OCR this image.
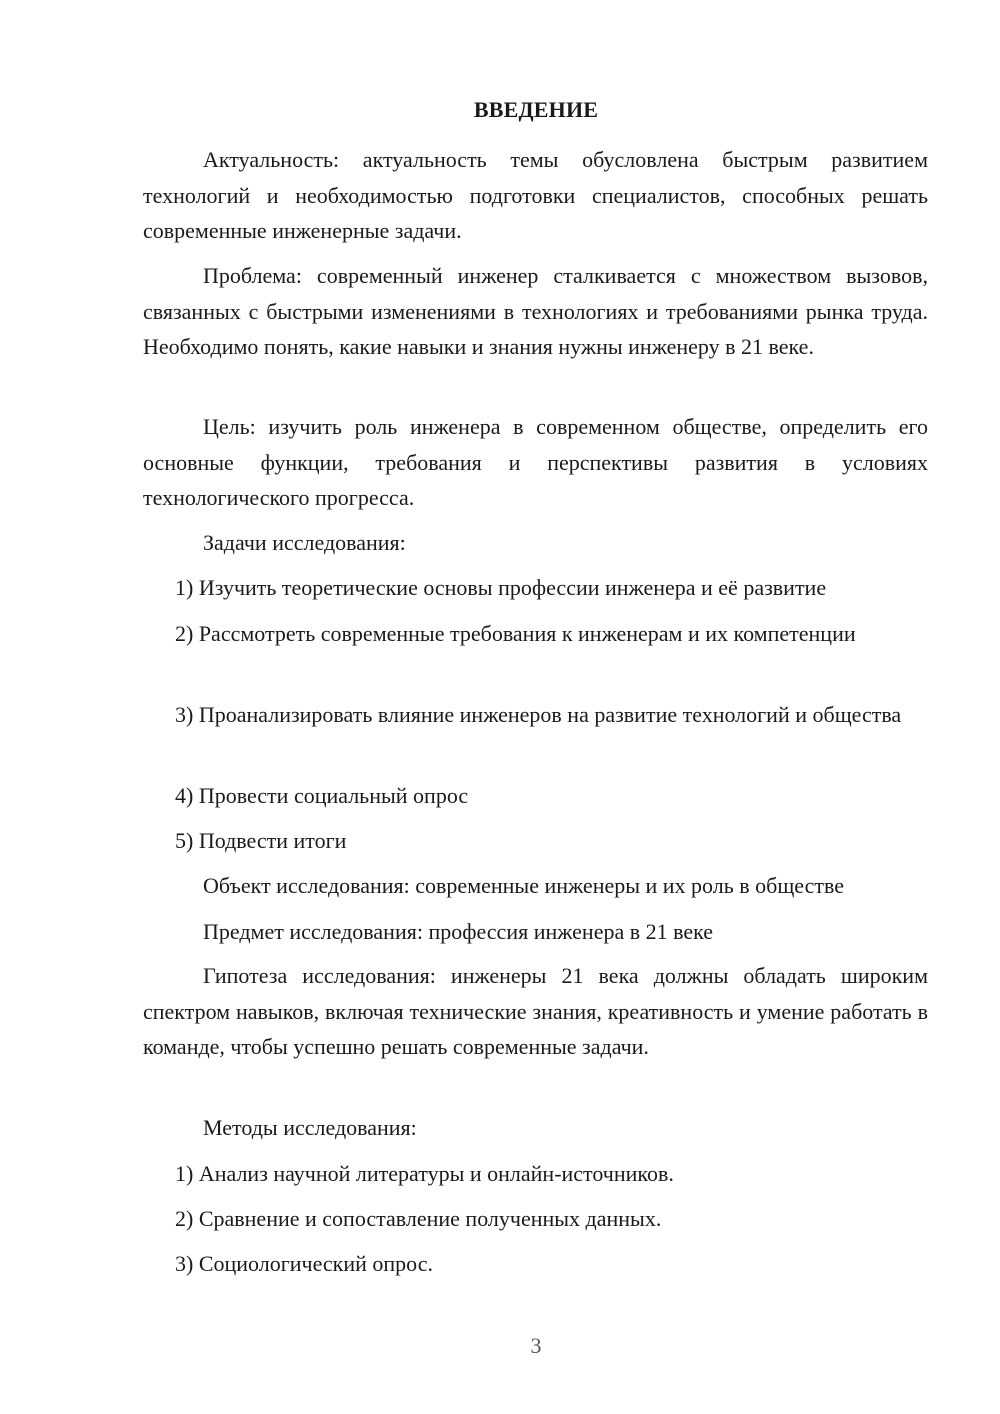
ВВЕДЕНИЕ

Актуальность: актуальность темы обусловлена быстрым развитием технологий и необходимостью подготовки специалистов, способных решать современные инженерные задачи.

Проблема: современный инженер сталкивается с множеством вызовов, связанных с быстрыми изменениями в технологиях и требованиями рынка труда. Необходимо понять, какие навыки и знания нужны инженеру в 21 веке.

Цель: изучить роль инженера в современном обществе, определить его основные функции, требования и перспективы развития в условиях технологического прогресса.

Задачи исследования:

1) Изучить теоретические основы профессии инженера и её развитие

2) Рассмотреть современные требования к инженерам и их компетенции

3) Проанализировать влияние инженеров на развитие технологий и общества

4) Провести социальный опрос

5) Подвести итоги

Объект исследования: современные инженеры и их роль в обществе

Предмет исследования: профессия инженера в 21 веке

Гипотеза исследования: инженеры 21 века должны обладать широким спектром навыков, включая технические знания, креативность и умение работать в команде, чтобы успешно решать современные задачи.

Методы исследования:

1) Анализ научной литературы и онлайн-источников.

2) Сравнение и сопоставление полученных данных.

3) Социологический опрос.

3
